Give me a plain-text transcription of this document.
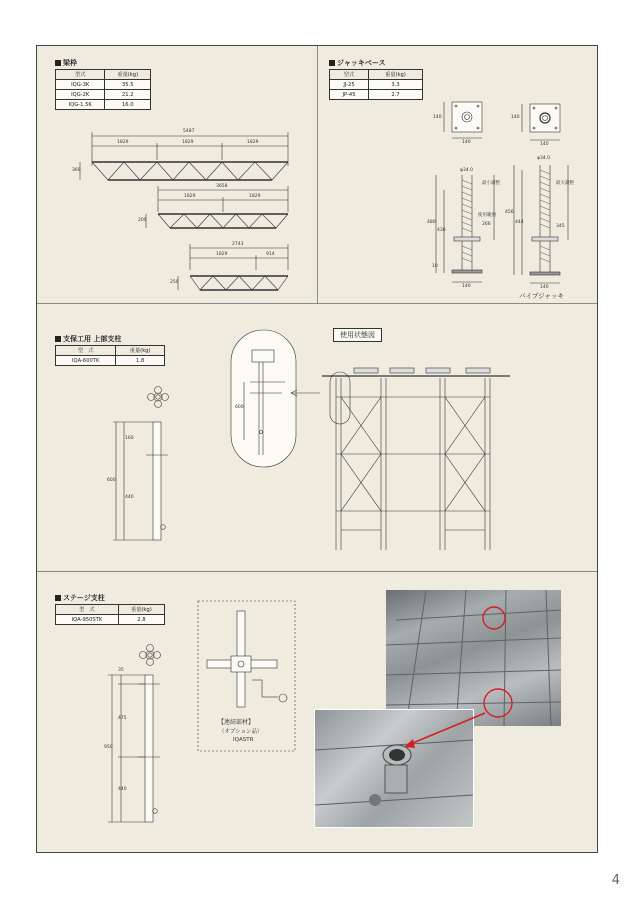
梁枠
型式	重量(kg)
IQG-3K	35.5
IQG-2K	21.2
IQG-1.5K	16.0
5487
1829	1829	1829
369
3658
1829	1829
200
2743
1829	914
250
ジャッキベース
型式	重量(kg)
JJ-25	3.3
JP-45	2.7
140
140
140
140
φ34.0
φ34.0
480
430
266
456
444
345
最小調整
使用範囲
最大調整
140	140
10
パイプジャッキ
支保工用 上部支柱
型　式	重量(kg)
IQA-600TK	1.8
使用状態図
600
160
440
600
ステージ支柱
型　式	重量(kg)
IQA-950STK	2.8
35
475
950
440
【連結部材】
（オプション品）
IQASTR
4
